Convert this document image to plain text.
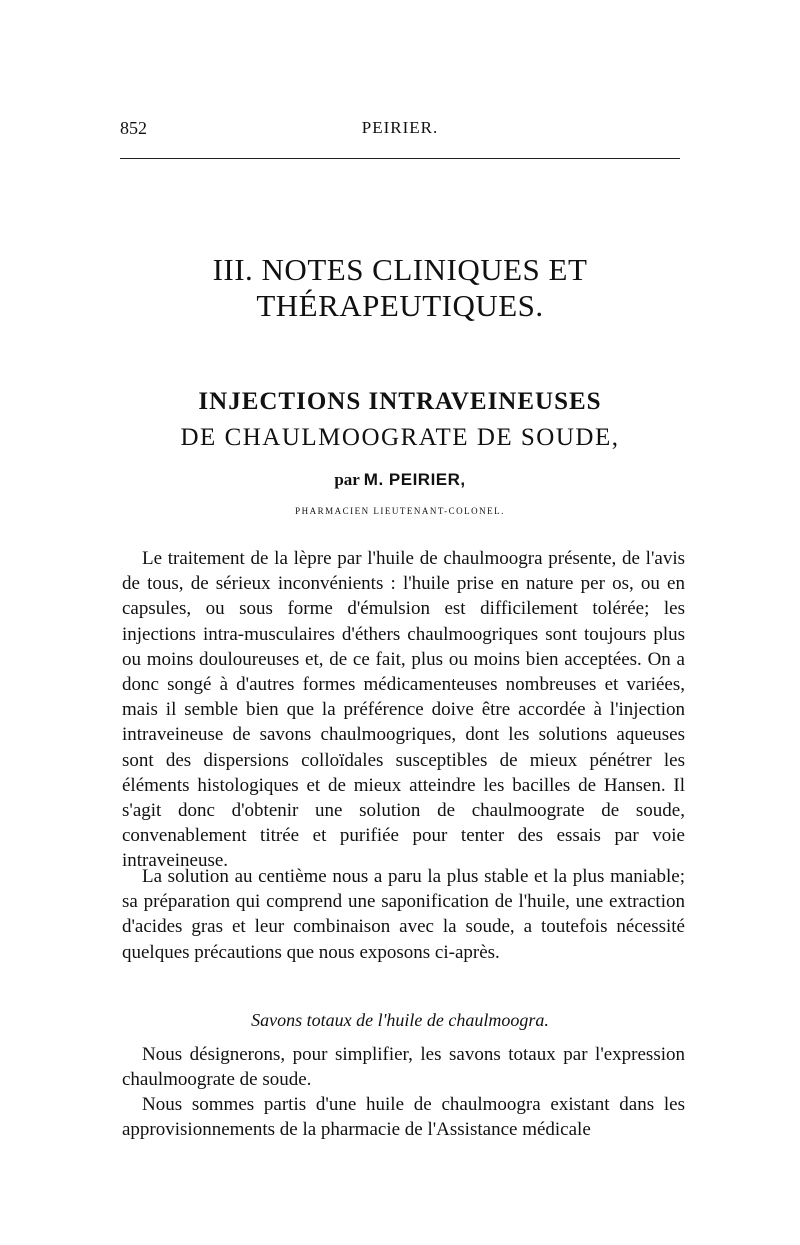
852	PEIRIER.
III. NOTES CLINIQUES ET THÉRAPEUTIQUES.
INJECTIONS INTRAVEINEUSES
DE CHAULMOOGRATE DE SOUDE,
par M. PEIRIER,
PHARMACIEN LIEUTENANT-COLONEL.

Le traitement de la lèpre par l'huile de chaulmoogra présente, de l'avis de tous, de sérieux inconvénients : l'huile prise en nature per os, ou en capsules, ou sous forme d'émulsion est difficilement tolérée; les injections intra-musculaires d'éthers chaulmoogriques sont toujours plus ou moins douloureuses et, de ce fait, plus ou moins bien acceptées. On a donc songé à d'autres formes médicamenteuses nombreuses et variées, mais il semble bien que la préférence doive être accordée à l'injection intraveineuse de savons chaulmoogriques, dont les solutions aqueuses sont des dispersions colloïdales susceptibles de mieux pénétrer les éléments histologiques et de mieux atteindre les bacilles de Hansen. Il s'agit donc d'obtenir une solution de chaulmoograte de soude, convenablement titrée et purifiée pour tenter des essais par voie intraveineuse.

La solution au centième nous a paru la plus stable et la plus maniable; sa préparation qui comprend une saponification de l'huile, une extraction d'acides gras et leur combinaison avec la soude, a toutefois nécessité quelques précautions que nous exposons ci-après.

Savons totaux de l'huile de chaulmoogra.

Nous désignerons, pour simplifier, les savons totaux par l'expression chaulmoograte de soude.

Nous sommes partis d'une huile de chaulmoogra existant dans les approvisionnements de la pharmacie de l'Assistance médicale
